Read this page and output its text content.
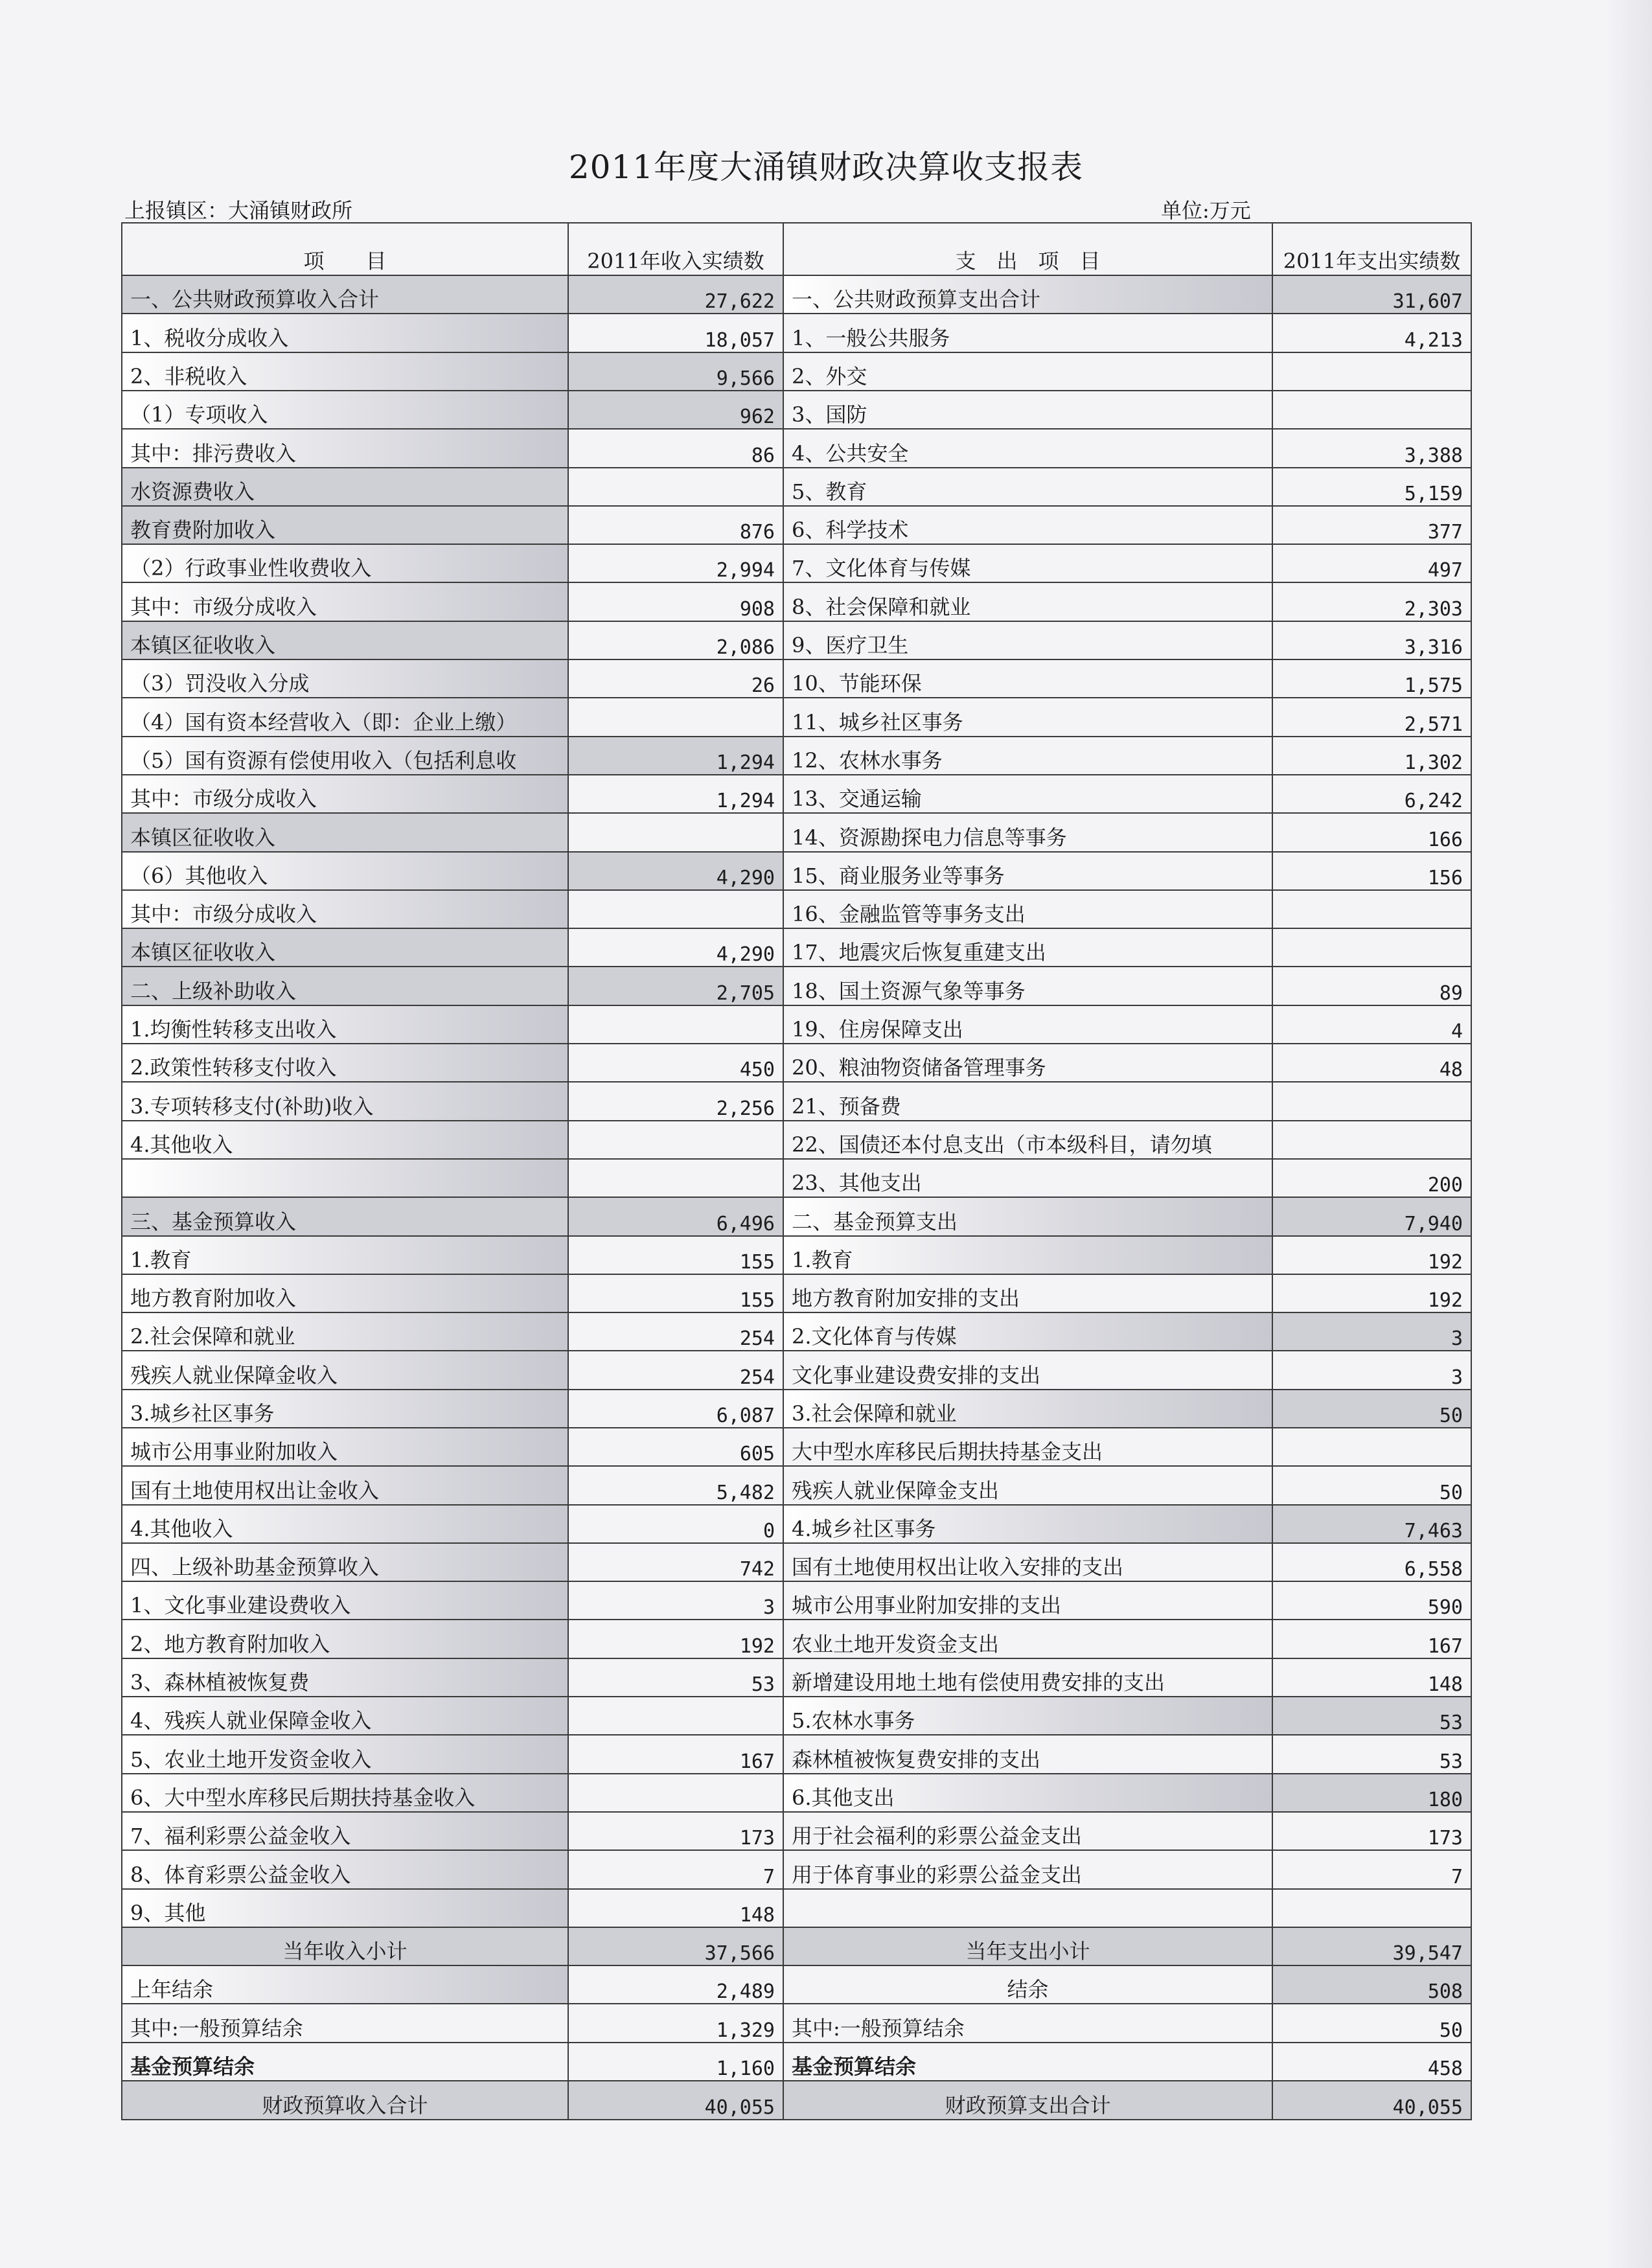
2011年度大涌镇财政决算收支报表
上报镇区：大涌镇财政所	单位:万元
项　　目	2011年收入实绩数	支　出　项　目	2011年支出实绩数
一、公共财政预算收入合计	27,622	一、公共财政预算支出合计	31,607
1、税收分成收入	18,057	1、一般公共服务	4,213
2、非税收入	9,566	2、外交	
（1）专项收入	962	3、国防	
其中：排污费收入	86	4、公共安全	3,388
水资源费收入		5、教育	5,159
教育费附加收入	876	6、科学技术	377
（2）行政事业性收费收入	2,994	7、文化体育与传媒	497
其中：市级分成收入	908	8、社会保障和就业	2,303
本镇区征收收入	2,086	9、医疗卫生	3,316
（3）罚没收入分成	26	10、节能环保	1,575
（4）国有资本经营收入（即：企业上缴）		11、城乡社区事务	2,571
（5）国有资源有偿使用收入（包括利息收	1,294	12、农林水事务	1,302
其中：市级分成收入	1,294	13、交通运输	6,242
本镇区征收收入		14、资源勘探电力信息等事务	166
（6）其他收入	4,290	15、商业服务业等事务	156
其中：市级分成收入		16、金融监管等事务支出	
本镇区征收收入	4,290	17、地震灾后恢复重建支出	
二、上级补助收入	2,705	18、国土资源气象等事务	89
1.均衡性转移支出收入		19、住房保障支出	4
2.政策性转移支付收入	450	20、粮油物资储备管理事务	48
3.专项转移支付(补助)收入	2,256	21、预备费	
4.其他收入		22、国债还本付息支出（市本级科目，请勿填	
		23、其他支出	200
三、基金预算收入	6,496	二、基金预算支出	7,940
1.教育	155	1.教育	192
地方教育附加收入	155	地方教育附加安排的支出	192
2.社会保障和就业	254	2.文化体育与传媒	3
残疾人就业保障金收入	254	文化事业建设费安排的支出	3
3.城乡社区事务	6,087	3.社会保障和就业	50
城市公用事业附加收入	605	大中型水库移民后期扶持基金支出	
国有土地使用权出让金收入	5,482	残疾人就业保障金支出	50
4.其他收入	0	4.城乡社区事务	7,463
四、上级补助基金预算收入	742	国有土地使用权出让收入安排的支出	6,558
1、文化事业建设费收入	3	城市公用事业附加安排的支出	590
2、地方教育附加收入	192	农业土地开发资金支出	167
3、森林植被恢复费	53	新增建设用地土地有偿使用费安排的支出	148
4、残疾人就业保障金收入		5.农林水事务	53
5、农业土地开发资金收入	167	森林植被恢复费安排的支出	53
6、大中型水库移民后期扶持基金收入		6.其他支出	180
7、福利彩票公益金收入	173	用于社会福利的彩票公益金支出	173
8、体育彩票公益金收入	7	用于体育事业的彩票公益金支出	7
9、其他	148		
当年收入小计	37,566	当年支出小计	39,547
上年结余	2,489	结余	508
其中:一般预算结余	1,329	其中:一般预算结余	50
基金预算结余	1,160	基金预算结余	458
财政预算收入合计	40,055	财政预算支出合计	40,055
